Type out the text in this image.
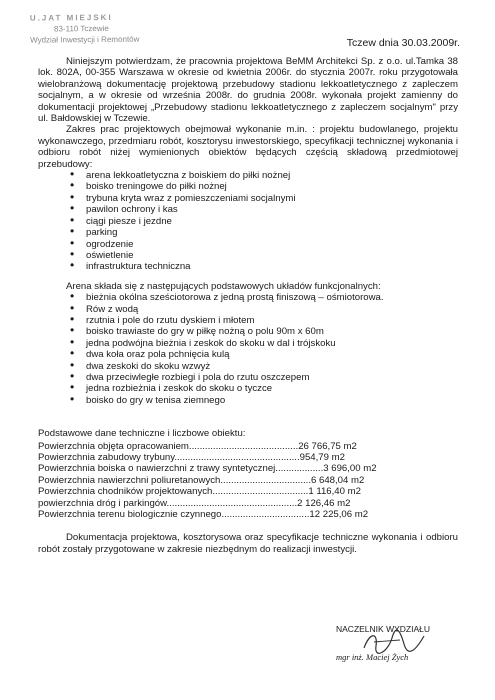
U.JAT MIEJSKI
83-110 Tczewie
Wydział Inwestycji i Remontów	Tczew dnia 30.03.2009r.

Niniejszym potwierdzam, że pracownia projektowa BeMM Architekci Sp. z o.o. ul.Tamka 38 lok. 802A, 00-355 Warszawa w okresie od kwietnia 2006r. do stycznia 2007r. roku przygotowała wielobranżową dokumentację projektową przebudowy stadionu lekkoatletycznego z zapleczem socjalnym, a w okresie od września 2008r. do grudnia 2008r. wykonała projekt zamienny do dokumentacji projektowej „Przebudowy stadionu lekkoatletycznego z zapleczem socjalnym" przy ul. Bałdowskiej w Tczewie.

Zakres prac projektowych obejmował wykonanie m.in. : projektu budowlanego, projektu wykonawczego, przedmiaru robót, kosztorysu inwestorskiego, specyfikacji technicznej wykonania i odbioru robót niżej wymienionych obiektów będących częścią składową przedmiotowej przebudowy:

• arena lekkoatletyczna z boiskiem do piłki nożnej
• boisko treningowe do piłki nożnej
• trybuna kryta wraz z pomieszczeniami socjalnymi
• pawilon ochrony i kas
• ciągi piesze i jezdne
• parking
• ogrodzenie
• oświetlenie
• infrastruktura techniczna

Arena składa się z następujących podstawowych układów funkcjonalnych:

• bieżnia okólna sześciotorowa z jedną prostą finiszową – ośmiotorowa.
• Rów z wodą
• rzutnia i pole do rzutu dyskiem i młotem
• boisko trawiaste do gry w piłkę nożną o polu 90m x 60m
• jedna podwójna bieżnia i zeskok do skoku w dal i trójskoku
• dwa koła oraz pola pchnięcia kulą
• dwa zeskoki do skoku wzwyż
• dwa przeciwległe rozbiegi i pola do rzutu oszczepem
• jedna rozbieżnia i zeskok do skoku o tyczce
• boisko do gry w tenisa ziemnego
Podstawowe dane techniczne i liczbowe obiektu:
Powierzchnia objęta opracowaniem.........................................26 766,75 m2
Powierzchnia zabudowy trybuny...............................................954,79 m2
Powierzchnia boiska o nawierzchni z trawy syntetycznej..................3 696,00 m2
Powierzchnia nawierzchni poliuretanowych..................................6 648,04 m2
Powierzchnia chodników projektowanych....................................1 116,40 m2
powierzchnia dróg i parkingów.................................................2 126,46 m2
Powierzchnia terenu biologicznie czynnego.................................12 225,06 m2

Dokumentacja projektowa, kosztorysowa oraz specyfikacje techniczne wykonania i odbioru robót zostały przygotowane w zakresie niezbędnym do realizacji inwestycji.

NACZELNIK WYDZIAŁU
mgr inż. Maciej Żych
